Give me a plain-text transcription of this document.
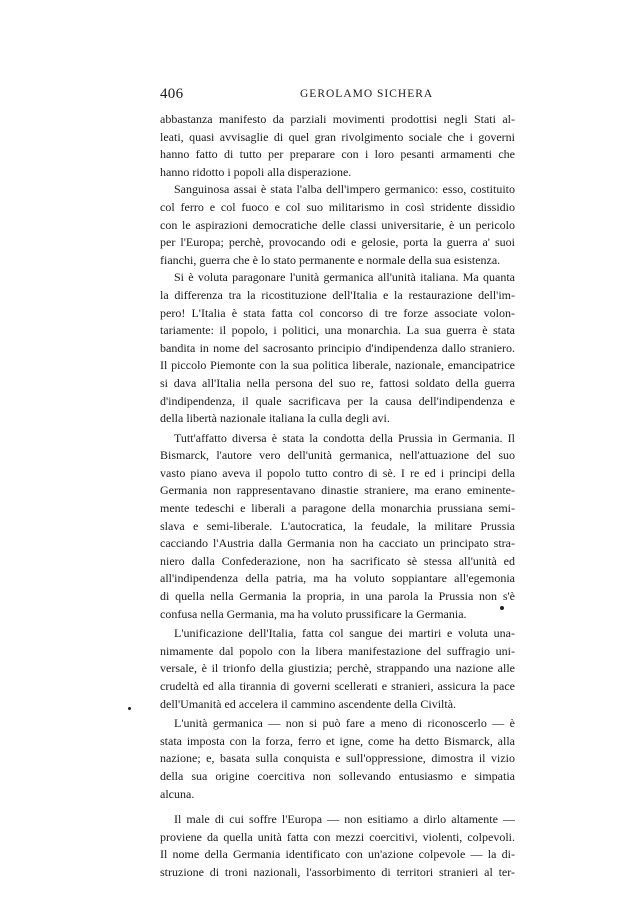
406	GEROLAMO SICHERA
abbastanza manifesto da parziali movimenti prodottisi negli Stati al-
leati, quasi avvisaglie di quel gran rivolgimento sociale che i governi
hanno fatto di tutto per preparare con i loro pesanti armamenti che
hanno ridotto i popoli alla disperazione.
Sanguinosa assai è stata l'alba dell'impero germanico: esso, costituito
col ferro e col fuoco e col suo militarismo in così stridente dissidio
con le aspirazioni democratiche delle classi universitarie, è un pericolo
per l'Europa; perchè, provocando odi e gelosie, porta la guerra a' suoi
fianchi, guerra che è lo stato permanente e normale della sua esistenza.
Si è voluta paragonare l'unità germanica all'unità italiana. Ma quanta
la differenza tra la ricostituzione dell'Italia e la restaurazione dell'im-
pero! L'Italia è stata fatta col concorso di tre forze associate volon-
tariamente: il popolo, i politici, una monarchia. La sua guerra è stata
bandita in nome del sacrosanto principio d'indipendenza dallo straniero.
Il piccolo Piemonte con la sua politica liberale, nazionale, emancipatrice
si dava all'Italia nella persona del suo re, fattosi soldato della guerra
d'indipendenza, il quale sacrificava per la causa dell'indipendenza e
della libertà nazionale italiana la culla degli avi.
Tutt'affatto diversa è stata la condotta della Prussia in Germania. Il
Bismarck, l'autore vero dell'unità germanica, nell'attuazione del suo
vasto piano aveva il popolo tutto contro di sè. I re ed i principi della
Germania non rappresentavano dinastie straniere, ma erano eminente-
mente tedeschi e liberali a paragone della monarchia prussiana semi-
slava e semi-liberale. L'autocratica, la feudale, la militare Prussia
cacciando l'Austria dalla Germania non ha cacciato un principato stra-
niero dalla Confederazione, non ha sacrificato sè stessa all'unità ed
all'indipendenza della patria, ma ha voluto soppiantare all'egemonia
di quella nella Germania la propria, in una parola la Prussia non s'è
confusa nella Germania, ma ha voluto prussificare la Germania.
L'unificazione dell'Italia, fatta col sangue dei martiri e voluta una-
nimamente dal popolo con la libera manifestazione del suffragio uni-
versale, è il trionfo della giustizia; perchè, strappando una nazione alle
crudeltà ed alla tirannia di governi scellerati e stranieri, assicura la pace
dell'Umanità ed accelera il cammino ascendente della Civiltà.
L'unità germanica — non si può fare a meno di riconoscerlo — è
stata imposta con la forza, ferro et igne, come ha detto Bismarck, alla
nazione; e, basata sulla conquista e sull'oppressione, dimostra il vizio
della sua origine coercitiva non sollevando entusiasmo e simpatia
alcuna.
Il male di cui soffre l'Europa — non esitiamo a dirlo altamente —
proviene da quella unità fatta con mezzi coercitivi, violenti, colpevoli.
Il nome della Germania identificato con un'azione colpevole — la di-
struzione di troni nazionali, l'assorbimento di territori stranieri al ter-
